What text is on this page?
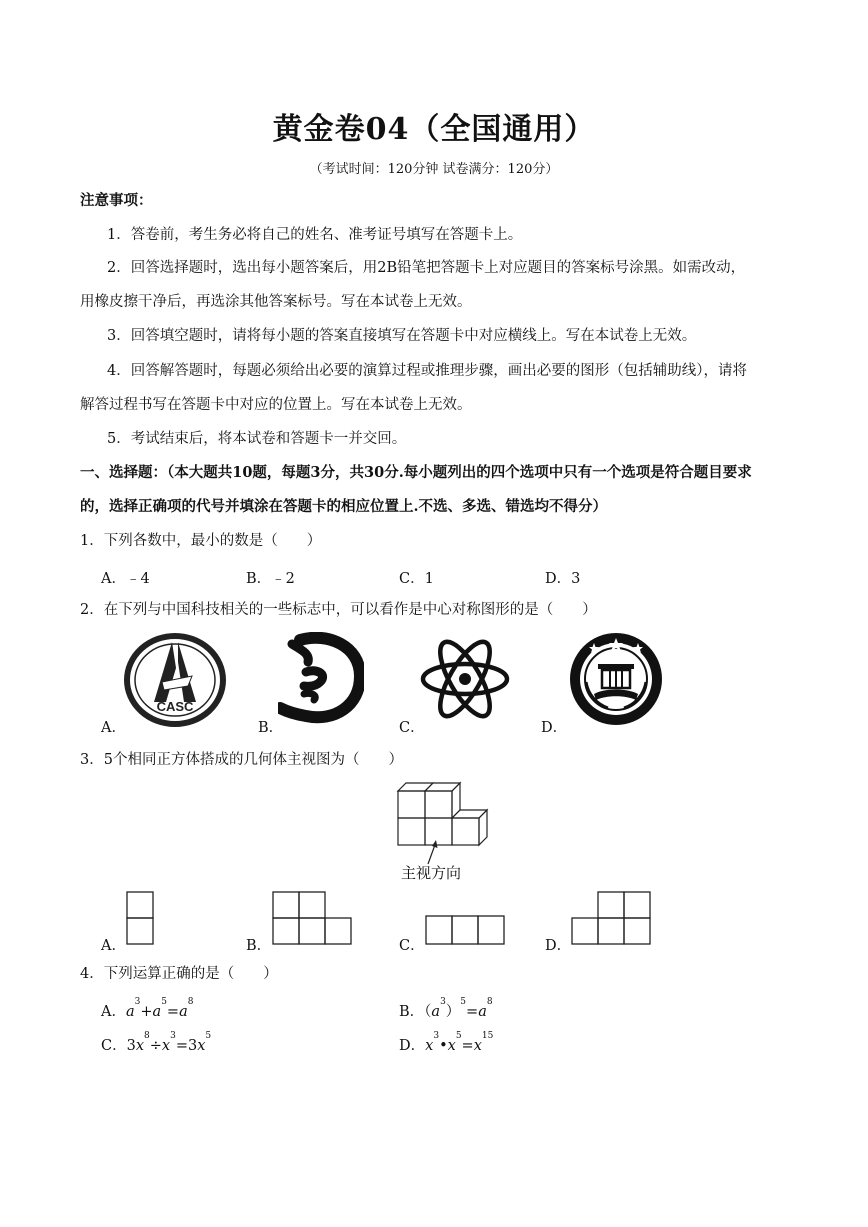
黄金卷04（全国通用）
（考试时间：120分钟 试卷满分：120分）
注意事项：
1．答卷前，考生务必将自己的姓名、准考证号填写在答题卡上。
2．回答选择题时，选出每小题答案后，用2B铅笔把答题卡上对应题目的答案标号涂黑。如需改动，
用橡皮擦干净后，再选涂其他答案标号。写在本试卷上无效。
3．回答填空题时，请将每小题的答案直接填写在答题卡中对应横线上。写在本试卷上无效。
4．回答解答题时，每题必须给出必要的演算过程或推理步骤，画出必要的图形（包括辅助线），请将
解答过程书写在答题卡中对应的位置上。写在本试卷上无效。
5．考试结束后，将本试卷和答题卡一并交回。
一、选择题：（本大题共10题，每题3分，共30分.每小题列出的四个选项中只有一个选项是符合题目要求
的，选择正确项的代号并填涂在答题卡的相应位置上.不选、多选、错选均不得分）
1．下列各数中，最小的数是（　　）
A．﹣4	B．﹣2	C．1	D．3
2．在下列与中国科技相关的一些标志中，可以看作是中心对称图形的是（　　）
CASC
A．	B．	C．	D．
3．5个相同正方体搭成的几何体主视图为（　　）
主视方向
A．	B．	C．	D．
4．下列运算正确的是（　　）
A．$a^3+a^5=a^8$
B．$(a^3)^5=a^8$
C．$3x^8\div x^3=3x^5$
D．$x^3•x^5=x^{15}$
